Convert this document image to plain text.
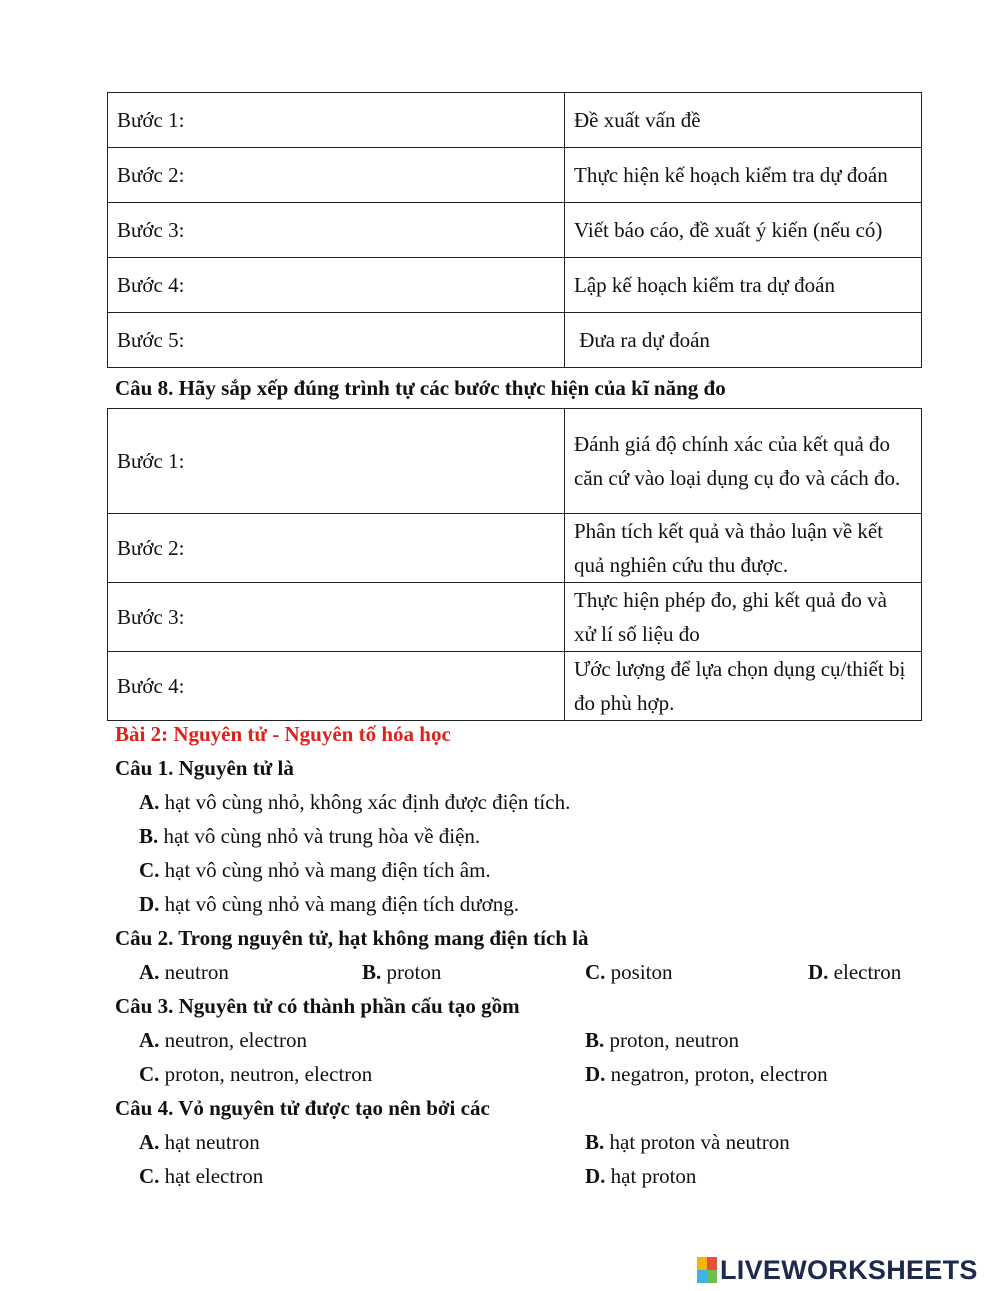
Bước 1:	Đề xuất vấn đề
Bước 2:	Thực hiện kế hoạch kiểm tra dự đoán
Bước 3:	Viết báo cáo, đề xuất ý kiến (nếu có)
Bước 4:	Lập kế hoạch kiểm tra dự đoán
Bước 5:	Đưa ra dự đoán
Câu 8. Hãy sắp xếp đúng trình tự các bước thực hiện của kĩ năng đo
Bước 1:	Đánh giá độ chính xác của kết quả đo căn cứ vào loại dụng cụ đo và cách đo.
Bước 2:	Phân tích kết quả và thảo luận về kết quả nghiên cứu thu được.
Bước 3:	Thực hiện phép đo, ghi kết quả đo và xử lí số liệu đo
Bước 4:	Ước lượng để lựa chọn dụng cụ/thiết bị đo phù hợp.
Bài 2: Nguyên tử - Nguyên tố hóa học
Câu 1. Nguyên tử là
A. hạt vô cùng nhỏ, không xác định được điện tích.
B. hạt vô cùng nhỏ và trung hòa về điện.
C. hạt vô cùng nhỏ và mang điện tích âm.
D. hạt vô cùng nhỏ và mang điện tích dương.
Câu 2. Trong nguyên tử, hạt không mang điện tích là
A. neutron	B. proton	C. positon	D. electron
Câu 3. Nguyên tử có thành phần cấu tạo gồm
A. neutron, electron	B. proton, neutron
C. proton, neutron, electron	D. negatron, proton, electron
Câu 4. Vỏ nguyên tử được tạo nên bởi các
A. hạt neutron	B. hạt proton và neutron
C. hạt electron	D. hạt proton
LIVEWORKSHEETS
